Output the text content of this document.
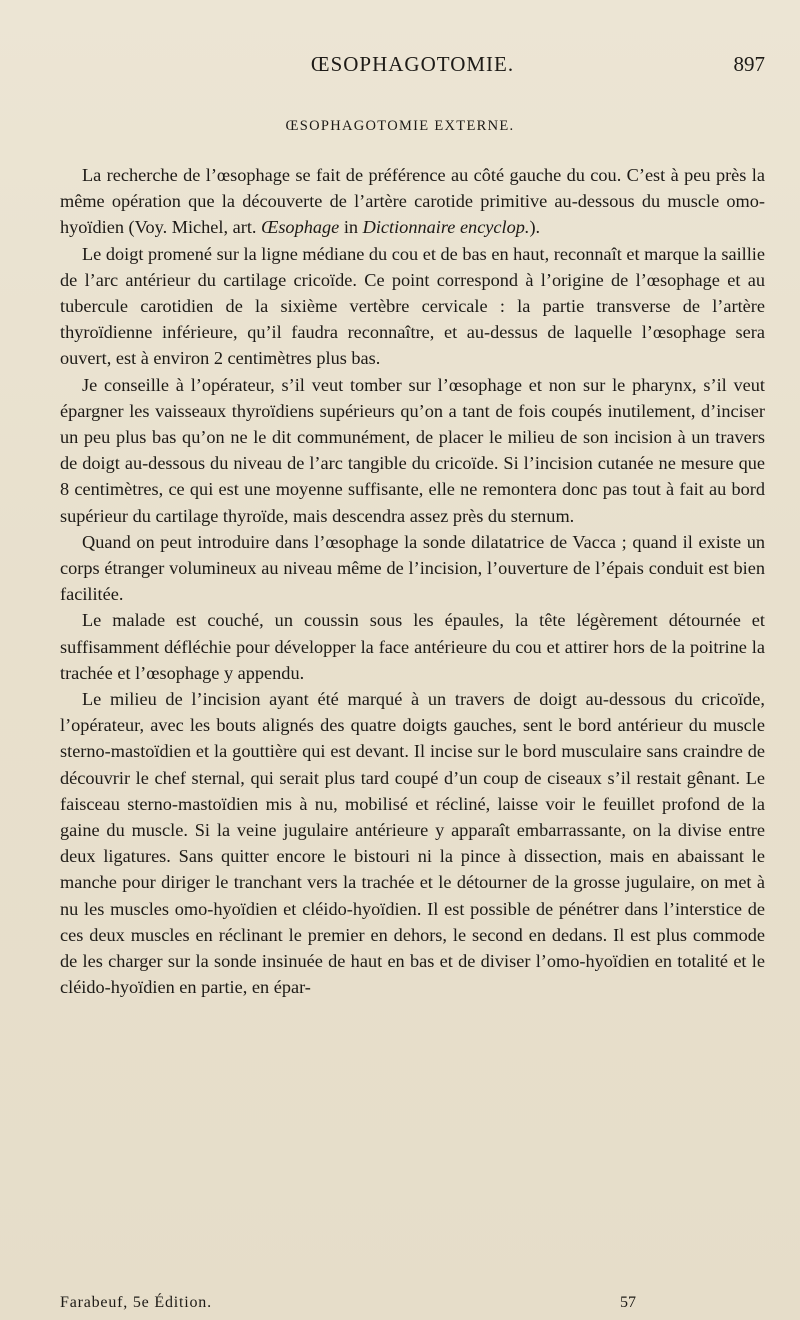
ŒSOPHAGOTOMIE.	897
ŒSOPHAGOTOMIE EXTERNE.

La recherche de l’œsophage se fait de préférence au côté gauche du cou. C’est à peu près la même opération que la découverte de l’artère carotide primitive au-dessous du muscle omo-hyoïdien (Voy. Michel, art. Œsophage in Dictionnaire encyclop.).

Le doigt promené sur la ligne médiane du cou et de bas en haut, reconnaît et marque la saillie de l’arc antérieur du cartilage cricoïde. Ce point correspond à l’origine de l’œsophage et au tubercule carotidien de la sixième vertèbre cervicale : la partie transverse de l’artère thyroïdienne inférieure, qu’il faudra reconnaître, et au-dessus de laquelle l’œsophage sera ouvert, est à environ 2 centimètres plus bas.

Je conseille à l’opérateur, s’il veut tomber sur l’œsophage et non sur le pharynx, s’il veut épargner les vaisseaux thyroïdiens supérieurs qu’on a tant de fois coupés inutilement, d’inciser un peu plus bas qu’on ne le dit communément, de placer le milieu de son incision à un travers de doigt au-dessous du niveau de l’arc tangible du cricoïde. Si l’incision cutanée ne mesure que 8 centimètres, ce qui est une moyenne suffisante, elle ne remontera donc pas tout à fait au bord supérieur du cartilage thyroïde, mais descendra assez près du sternum.

Quand on peut introduire dans l’œsophage la sonde dilatatrice de Vacca ; quand il existe un corps étranger volumineux au niveau même de l’incision, l’ouverture de l’épais conduit est bien facilitée.

Le malade est couché, un coussin sous les épaules, la tête légèrement détournée et suffisamment défléchie pour développer la face antérieure du cou et attirer hors de la poitrine la trachée et l’œsophage y appendu.

Le milieu de l’incision ayant été marqué à un travers de doigt au-dessous du cricoïde, l’opérateur, avec les bouts alignés des quatre doigts gauches, sent le bord antérieur du muscle sterno-mastoïdien et la gouttière qui est devant. Il incise sur le bord musculaire sans craindre de découvrir le chef sternal, qui serait plus tard coupé d’un coup de ciseaux s’il restait gênant. Le faisceau sterno-mastoïdien mis à nu, mobilisé et récliné, laisse voir le feuillet profond de la gaine du muscle. Si la veine jugulaire antérieure y apparaît embarrassante, on la divise entre deux ligatures. Sans quitter encore le bistouri ni la pince à dissection, mais en abaissant le manche pour diriger le tranchant vers la trachée et le détourner de la grosse jugulaire, on met à nu les muscles omo-hyoïdien et cléido-hyoïdien. Il est possible de pénétrer dans l’interstice de ces deux muscles en réclinant le premier en dehors, le second en dedans. Il est plus commode de les charger sur la sonde insinuée de haut en bas et de diviser l’omo-hyoïdien en totalité et le cléido-hyoïdien en partie, en épar-

Farabeuf, 5e Édition.	57
